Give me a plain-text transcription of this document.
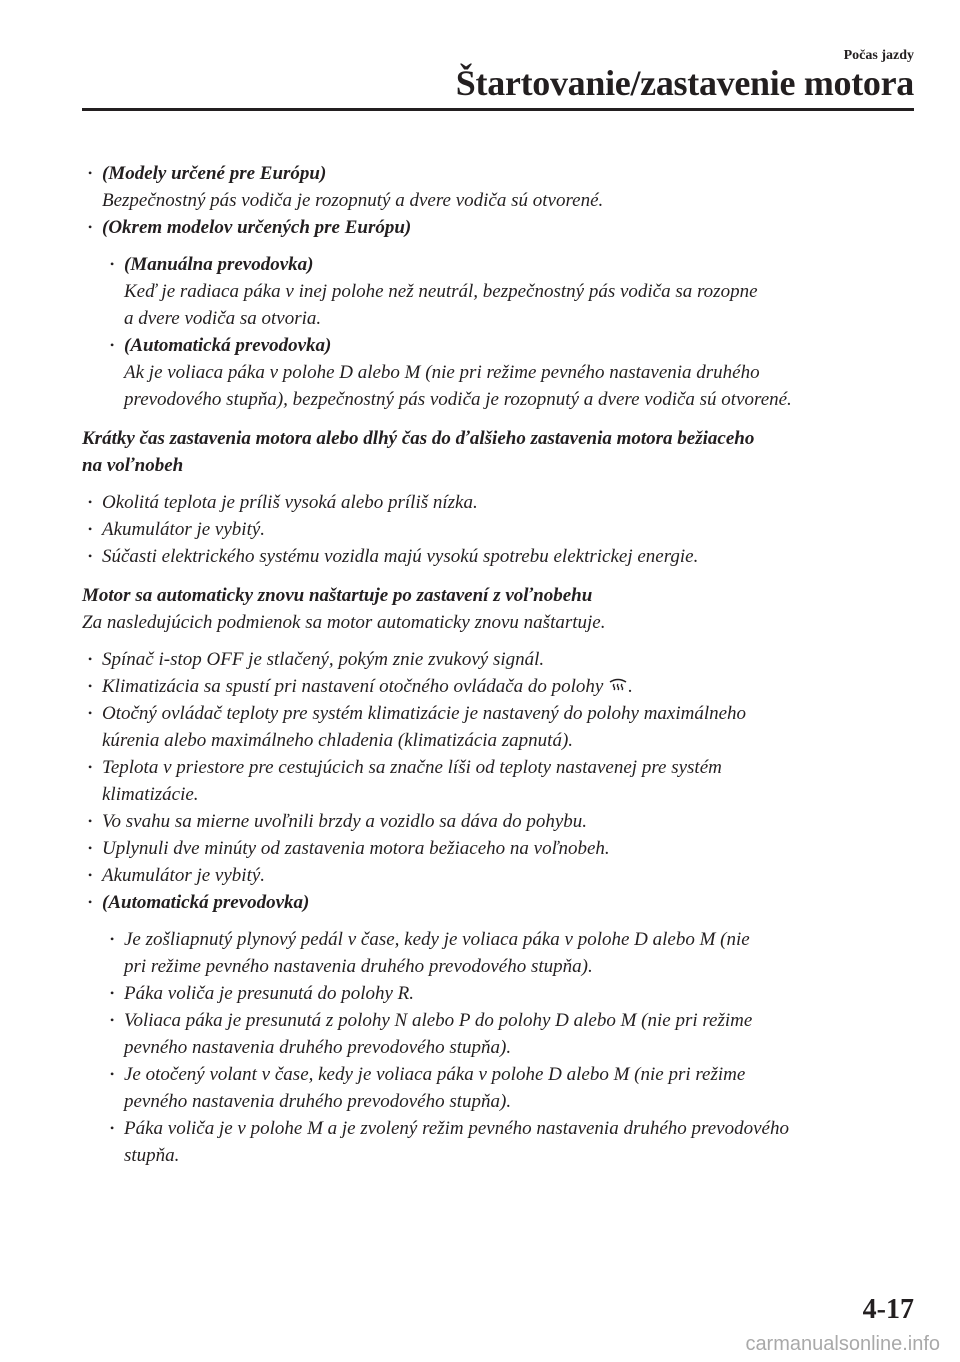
Počas jazdy
Štartovanie/zastavenie motora
• (Modely určené pre Európu)
Bezpečnostný pás vodiča je rozopnutý a dvere vodiča sú otvorené.
• (Okrem modelov určených pre Európu)
• (Manuálna prevodovka)
Keď je radiaca páka v inej polohe než neutrál, bezpečnostný pás vodiča sa rozopne
a dvere vodiča sa otvoria.
• (Automatická prevodovka)
Ak je voliaca páka v polohe D alebo M (nie pri režime pevného nastavenia druhého
prevodového stupňa), bezpečnostný pás vodiča je rozopnutý a dvere vodiča sú otvorené.
Krátky čas zastavenia motora alebo dlhý čas do ďalšieho zastavenia motora bežiaceho
na voľnobeh
• Okolitá teplota je príliš vysoká alebo príliš nízka.
• Akumulátor je vybitý.
• Súčasti elektrického systému vozidla majú vysokú spotrebu elektrickej energie.
Motor sa automaticky znovu naštartuje po zastavení z voľnobehu
Za nasledujúcich podmienok sa motor automaticky znovu naštartuje.
• Spínač i-stop OFF je stlačený, pokým znie zvukový signál.
• Klimatizácia sa spustí pri nastavení otočného ovládača do polohy .
• Otočný ovládač teploty pre systém klimatizácie je nastavený do polohy maximálneho
kúrenia alebo maximálneho chladenia (klimatizácia zapnutá).
• Teplota v priestore pre cestujúcich sa značne líši od teploty nastavenej pre systém
klimatizácie.
• Vo svahu sa mierne uvoľnili brzdy a vozidlo sa dáva do pohybu.
• Uplynuli dve minúty od zastavenia motora bežiaceho na voľnobeh.
• Akumulátor je vybitý.
• (Automatická prevodovka)
• Je zošliapnutý plynový pedál v čase, kedy je voliaca páka v polohe D alebo M (nie
pri režime pevného nastavenia druhého prevodového stupňa).
• Páka voliča je presunutá do polohy R.
• Voliaca páka je presunutá z polohy N alebo P do polohy D alebo M (nie pri režime
pevného nastavenia druhého prevodového stupňa).
• Je otočený volant v čase, kedy je voliaca páka v polohe D alebo M (nie pri režime
pevného nastavenia druhého prevodového stupňa).
• Páka voliča je v polohe M a je zvolený režim pevného nastavenia druhého prevodového
stupňa.
4-17
carmanualsonline.info
